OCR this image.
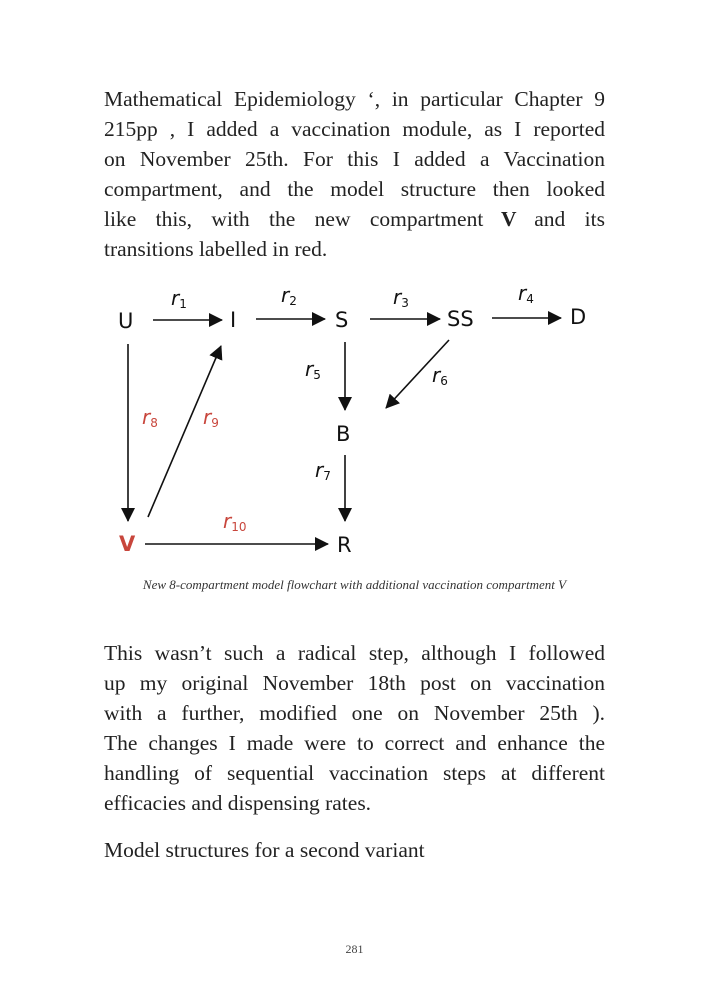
Mathematical Epidemiology ‘, in particular Chapter 9
215pp , I added a vaccination module, as I reported
on November 25th. For this I added a Vaccination
compartment, and the model structure then looked
like this, with the new compartment V and its
transitions labelled in red.
U	I	S	SS	D
B
R
V
r1	r2	r3	r4
r5	r6
r7
r8 r9
r10
New 8-compartment model flowchart with additional vaccination compartment V
This wasn’t such a radical step, although I followed
up my original November 18th post on vaccination
with a further, modified one on November 25th ).
The changes I made were to correct and enhance the
handling of sequential vaccination steps at different
efficacies and dispensing rates.
Model structures for a second variant
281
